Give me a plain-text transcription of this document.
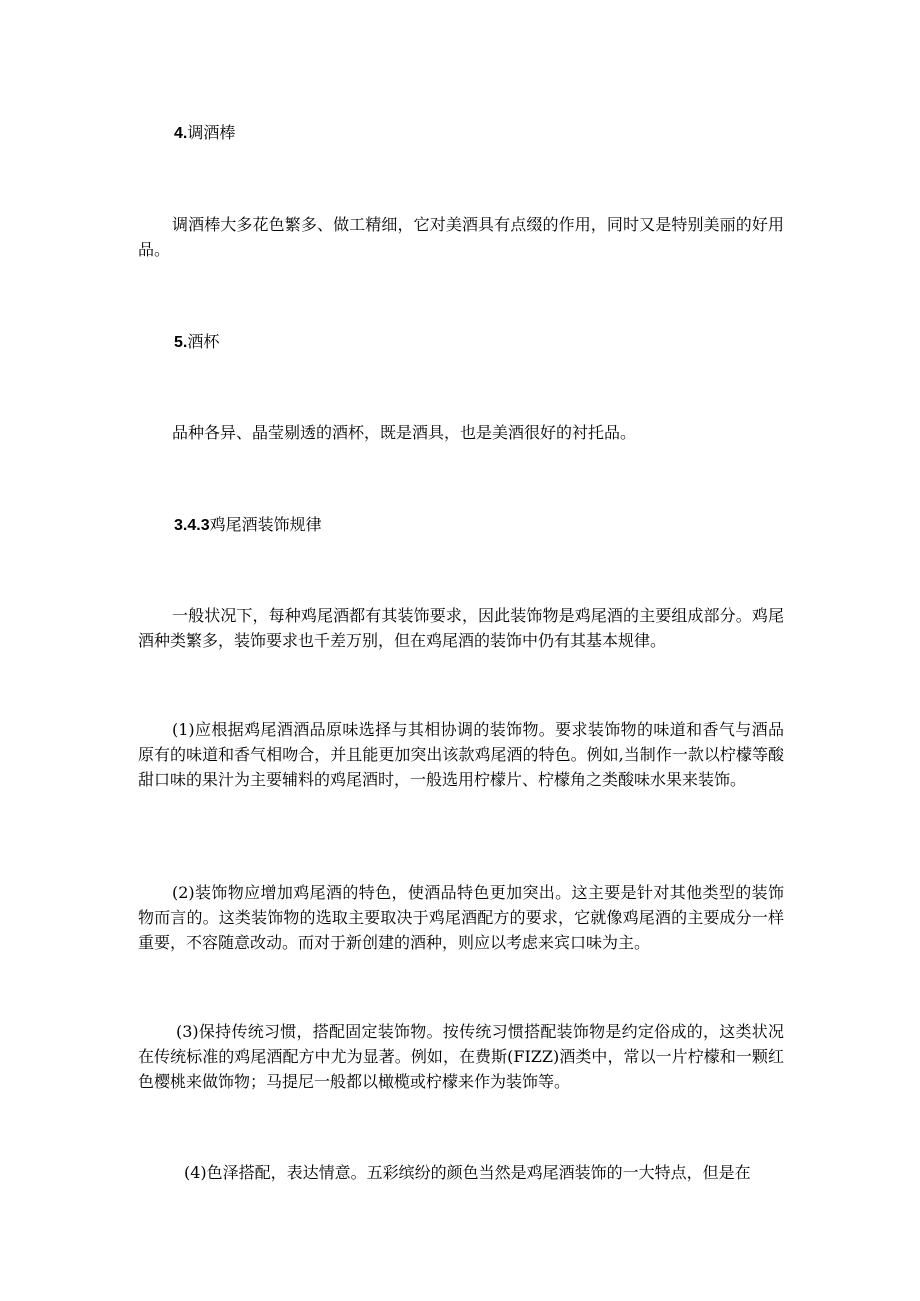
4.调酒棒

调酒棒大多花色繁多、做工精细，它对美酒具有点缀的作用，同时又是特别美丽的好用品。

5.酒杯

品种各异、晶莹剔透的酒杯，既是酒具，也是美酒很好的衬托品。

3.4.3鸡尾酒装饰规律

一般状况下，每种鸡尾酒都有其装饰要求，因此装饰物是鸡尾酒的主要组成部分。鸡尾酒种类繁多，装饰要求也千差万别，但在鸡尾酒的装饰中仍有其基本规律。

(1)应根据鸡尾酒酒品原味选择与其相协调的装饰物。要求装饰物的味道和香气与酒品原有的味道和香气相吻合，并且能更加突出该款鸡尾酒的特色。例如,当制作一款以柠檬等酸甜口味的果汁为主要辅料的鸡尾酒时，一般选用柠檬片、柠檬角之类酸味水果来装饰。

(2)装饰物应增加鸡尾酒的特色，使酒品特色更加突出。这主要是针对其他类型的装饰物而言的。这类装饰物的选取主要取决于鸡尾酒配方的要求，它就像鸡尾酒的主要成分一样重要，不容随意改动。而对于新创建的酒种，则应以考虑来宾口味为主。

(3)保持传统习惯，搭配固定装饰物。按传统习惯搭配装饰物是约定俗成的，这类状况在传统标准的鸡尾酒配方中尤为显著。例如，在费斯(FIZZ)酒类中，常以一片柠檬和一颗红色樱桃来做饰物；马提尼一般都以橄榄或柠檬来作为装饰等。

(4)色泽搭配，表达情意。五彩缤纷的颜色当然是鸡尾酒装饰的一大特点，但是在
